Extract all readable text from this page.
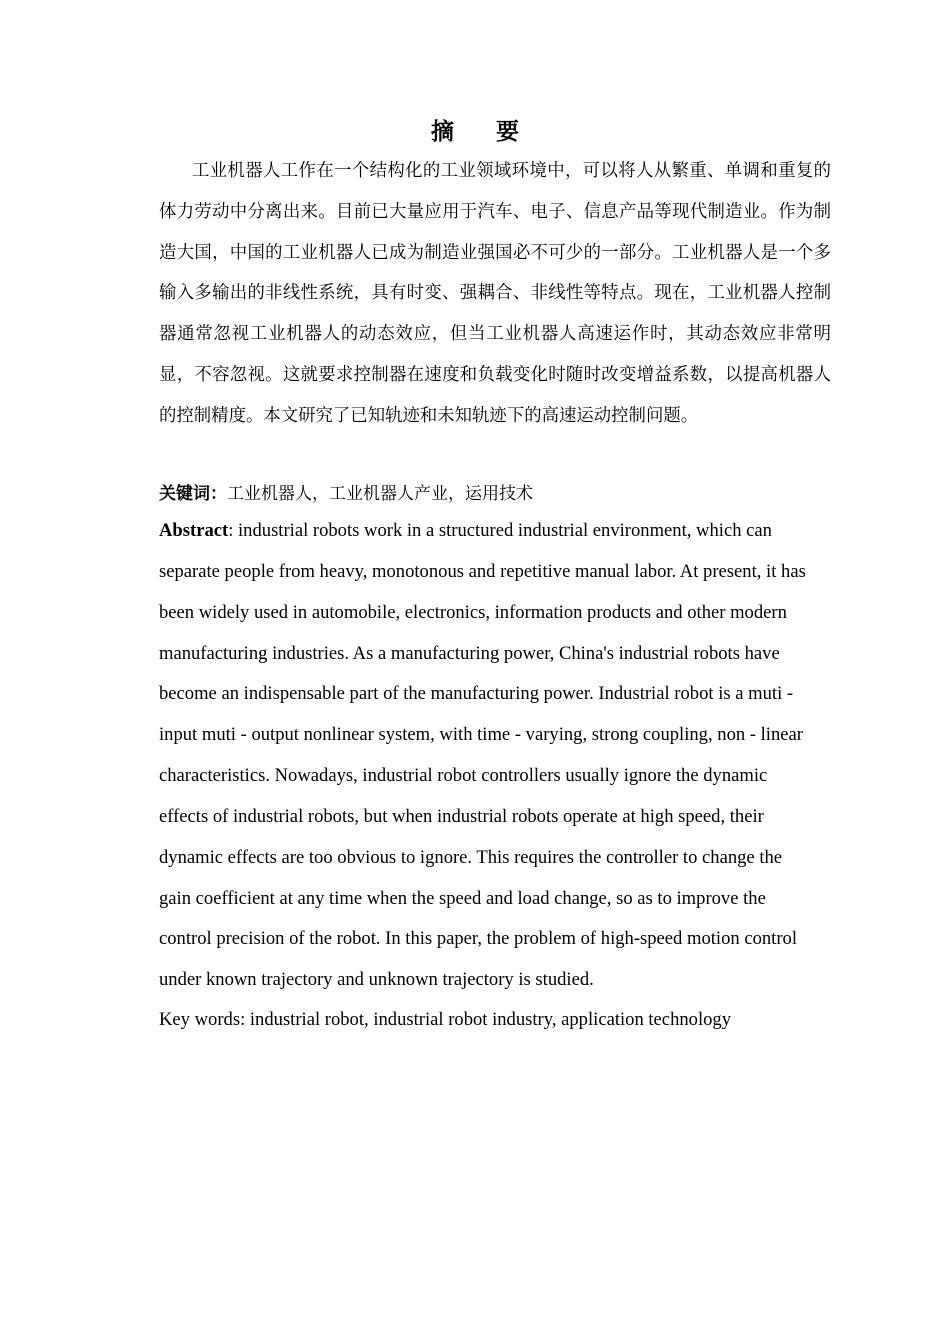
摘 要

工业机器人工作在一个结构化的工业领域环境中，可以将人从繁重、单调和重复的体力劳动中分离出来。目前已大量应用于汽车、电子、信息产品等现代制造业。作为制造大国，中国的工业机器人已成为制造业强国必不可少的一部分。工业机器人是一个多输入多输出的非线性系统，具有时变、强耦合、非线性等特点。现在，工业机器人控制器通常忽视工业机器人的动态效应，但当工业机器人高速运作时，其动态效应非常明显，不容忽视。这就要求控制器在速度和负载变化时随时改变增益系数，以提高机器人的控制精度。本文研究了已知轨迹和未知轨迹下的高速运动控制问题。

关键词：工业机器人，工业机器人产业，运用技术

Abstract: industrial robots work in a structured industrial environment, which can
separate people from heavy, monotonous and repetitive manual labor. At present, it has
been widely used in automobile, electronics, information products and other modern
manufacturing industries. As a manufacturing power, China's industrial robots have
become an indispensable part of the manufacturing power. Industrial robot is a muti -
input muti - output nonlinear system, with time - varying, strong coupling, non - linear
characteristics. Nowadays, industrial robot controllers usually ignore the dynamic
effects of industrial robots, but when industrial robots operate at high speed, their
dynamic effects are too obvious to ignore. This requires the controller to change the
gain coefficient at any time when the speed and load change, so as to improve the
control precision of the robot. In this paper, the problem of high-speed motion control
under known trajectory and unknown trajectory is studied.

Key words: industrial robot, industrial robot industry, application technology
